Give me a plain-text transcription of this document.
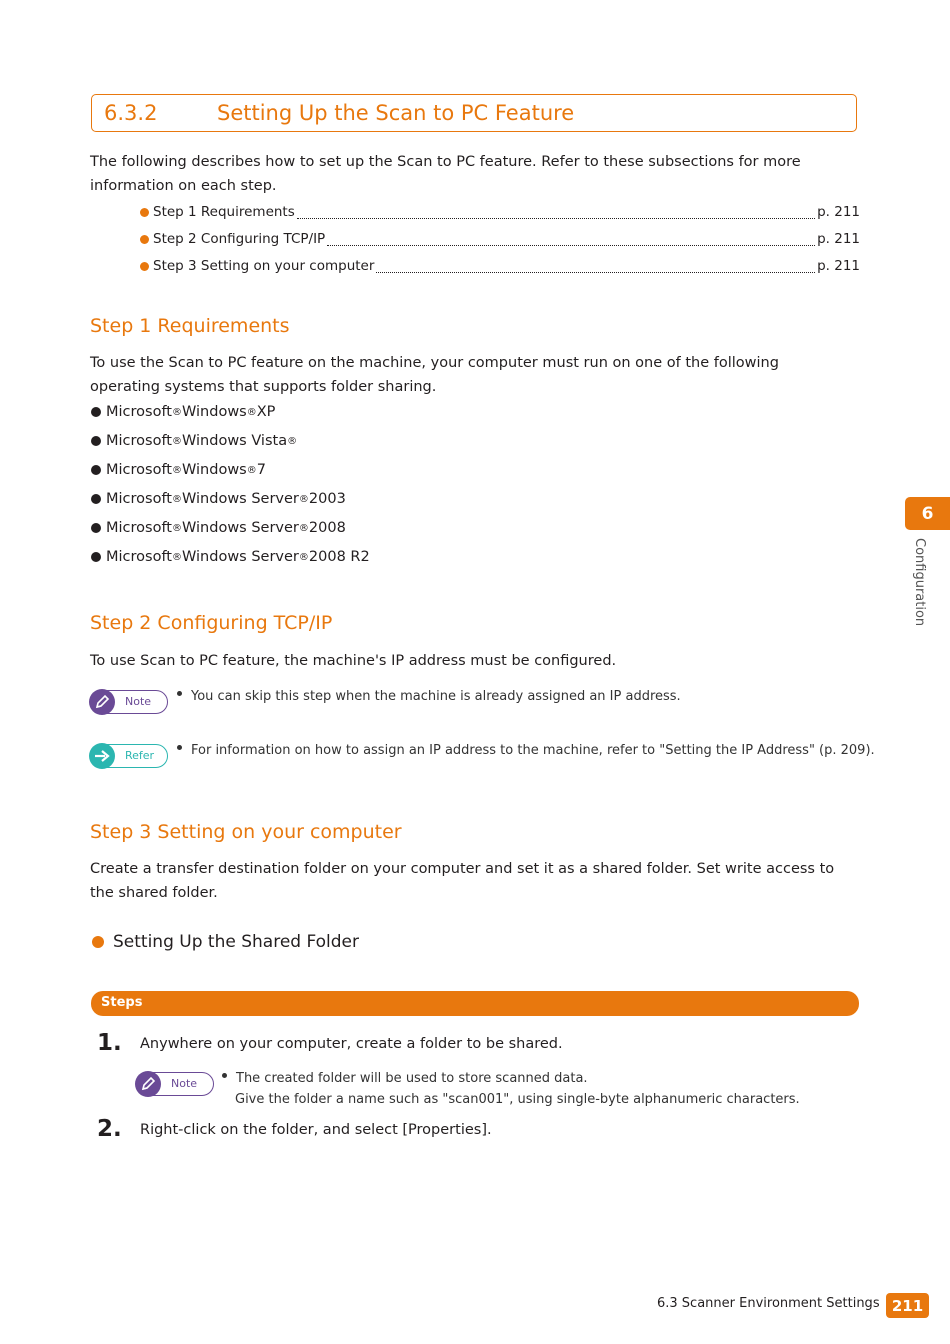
6.3.2	Setting Up the Scan to PC Feature
The following describes how to set up the Scan to PC feature. Refer to these subsections for more information on each step.
Step 1 Requirements	p. 211
Step 2 Configuring TCP/IP	p. 211
Step 3 Setting on your computer	p. 211
Step 1 Requirements
To use the Scan to PC feature on the machine, your computer must run on one of the following operating systems that supports folder sharing.
Microsoft ® Windows ® XP
Microsoft ® Windows Vista ®
Microsoft ® Windows ® 7
Microsoft ® Windows Server ® 2003
Microsoft ® Windows Server ® 2008
Microsoft ® Windows Server ® 2008 R2
Step 2 Configuring TCP/IP
To use Scan to PC feature, the machine's IP address must be configured.
Note	You can skip this step when the machine is already assigned an IP address.
Refer	For information on how to assign an IP address to the machine, refer to "Setting the IP Address" (p. 209).
Step 3 Setting on your computer
Create a transfer destination folder on your computer and set it as a shared folder. Set write access to the shared folder.
Setting Up the Shared Folder
Steps
1. Anywhere on your computer, create a folder to be shared.
Note	The created folder will be used to store scanned data.
Give the folder a name such as "scan001", using single-byte alphanumeric characters.
2. Right-click on the folder, and select [Properties].
6
Configuration
6.3 Scanner Environment Settings 211
